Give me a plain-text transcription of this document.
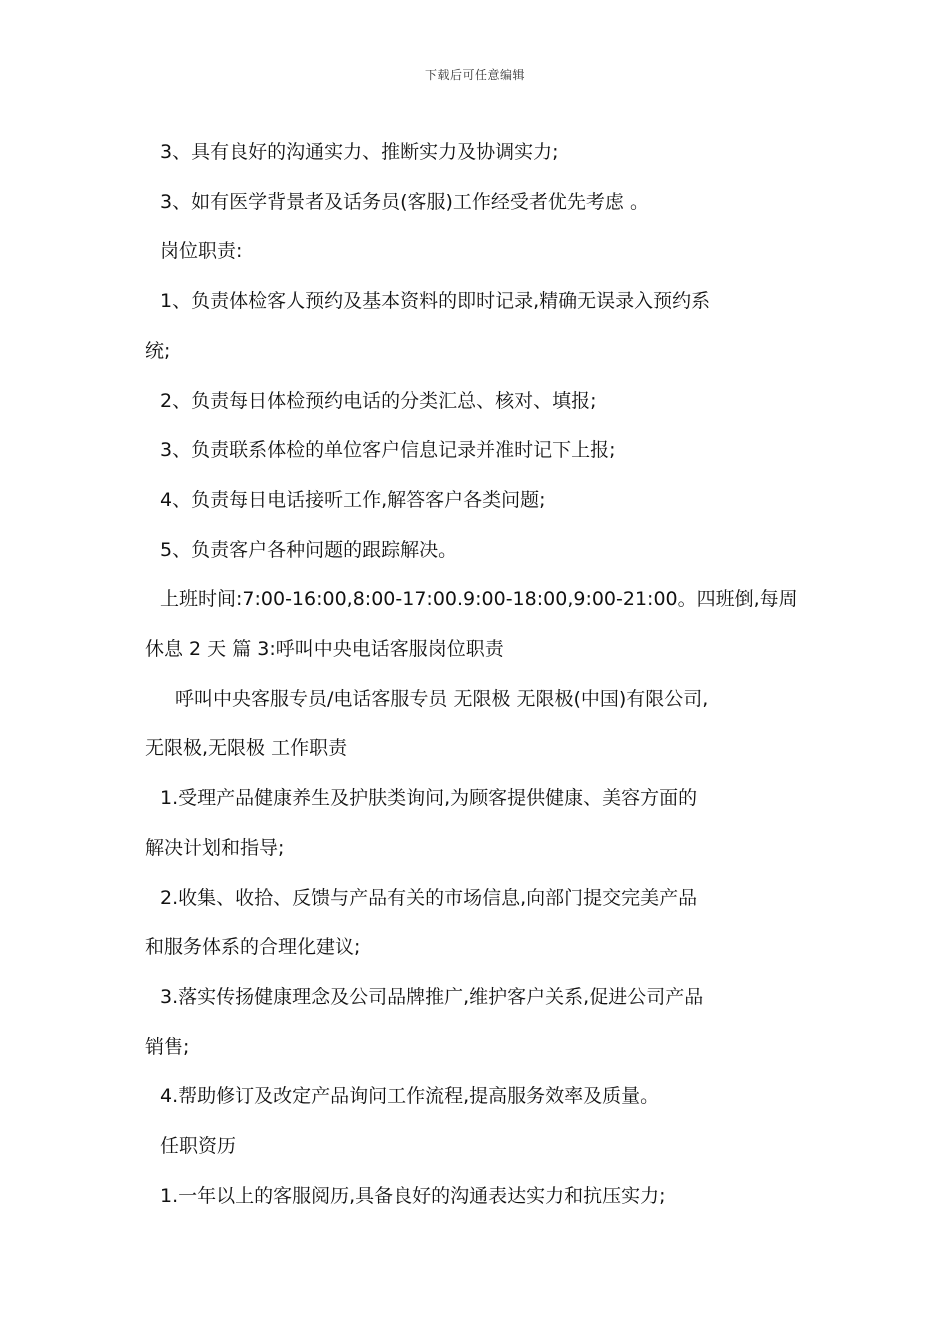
下载后可任意编辑

3、具有良好的沟通实力、推断实力及协调实力;

3、如有医学背景者及话务员(客服)工作经受者优先考虑 。

岗位职责:

1、负责体检客人预约及基本资料的即时记录,精确无误录入预约系

统;

2、负责每日体检预约电话的分类汇总、核对、填报;

3、负责联系体检的单位客户信息记录并准时记下上报;

4、负责每日电话接听工作,解答客户各类问题;

5、负责客户各种问题的跟踪解决。

上班时间:7:00-16:00,8:00-17:00.9:00-18:00,9:00-21:00。四班倒,每周

休息 2 天 篇 3:呼叫中央电话客服岗位职责

呼叫中央客服专员/电话客服专员 无限极 无限极(中国)有限公司,

无限极,无限极 工作职责

1.受理产品健康养生及护肤类询问,为顾客提供健康、美容方面的

解决计划和指导;

2.收集、收拾、反馈与产品有关的市场信息,向部门提交完美产品

和服务体系的合理化建议;

3.落实传扬健康理念及公司品牌推广,维护客户关系,促进公司产品

销售;

4.帮助修订及改定产品询问工作流程,提高服务效率及质量。

任职资历

1.一年以上的客服阅历,具备良好的沟通表达实力和抗压实力;
